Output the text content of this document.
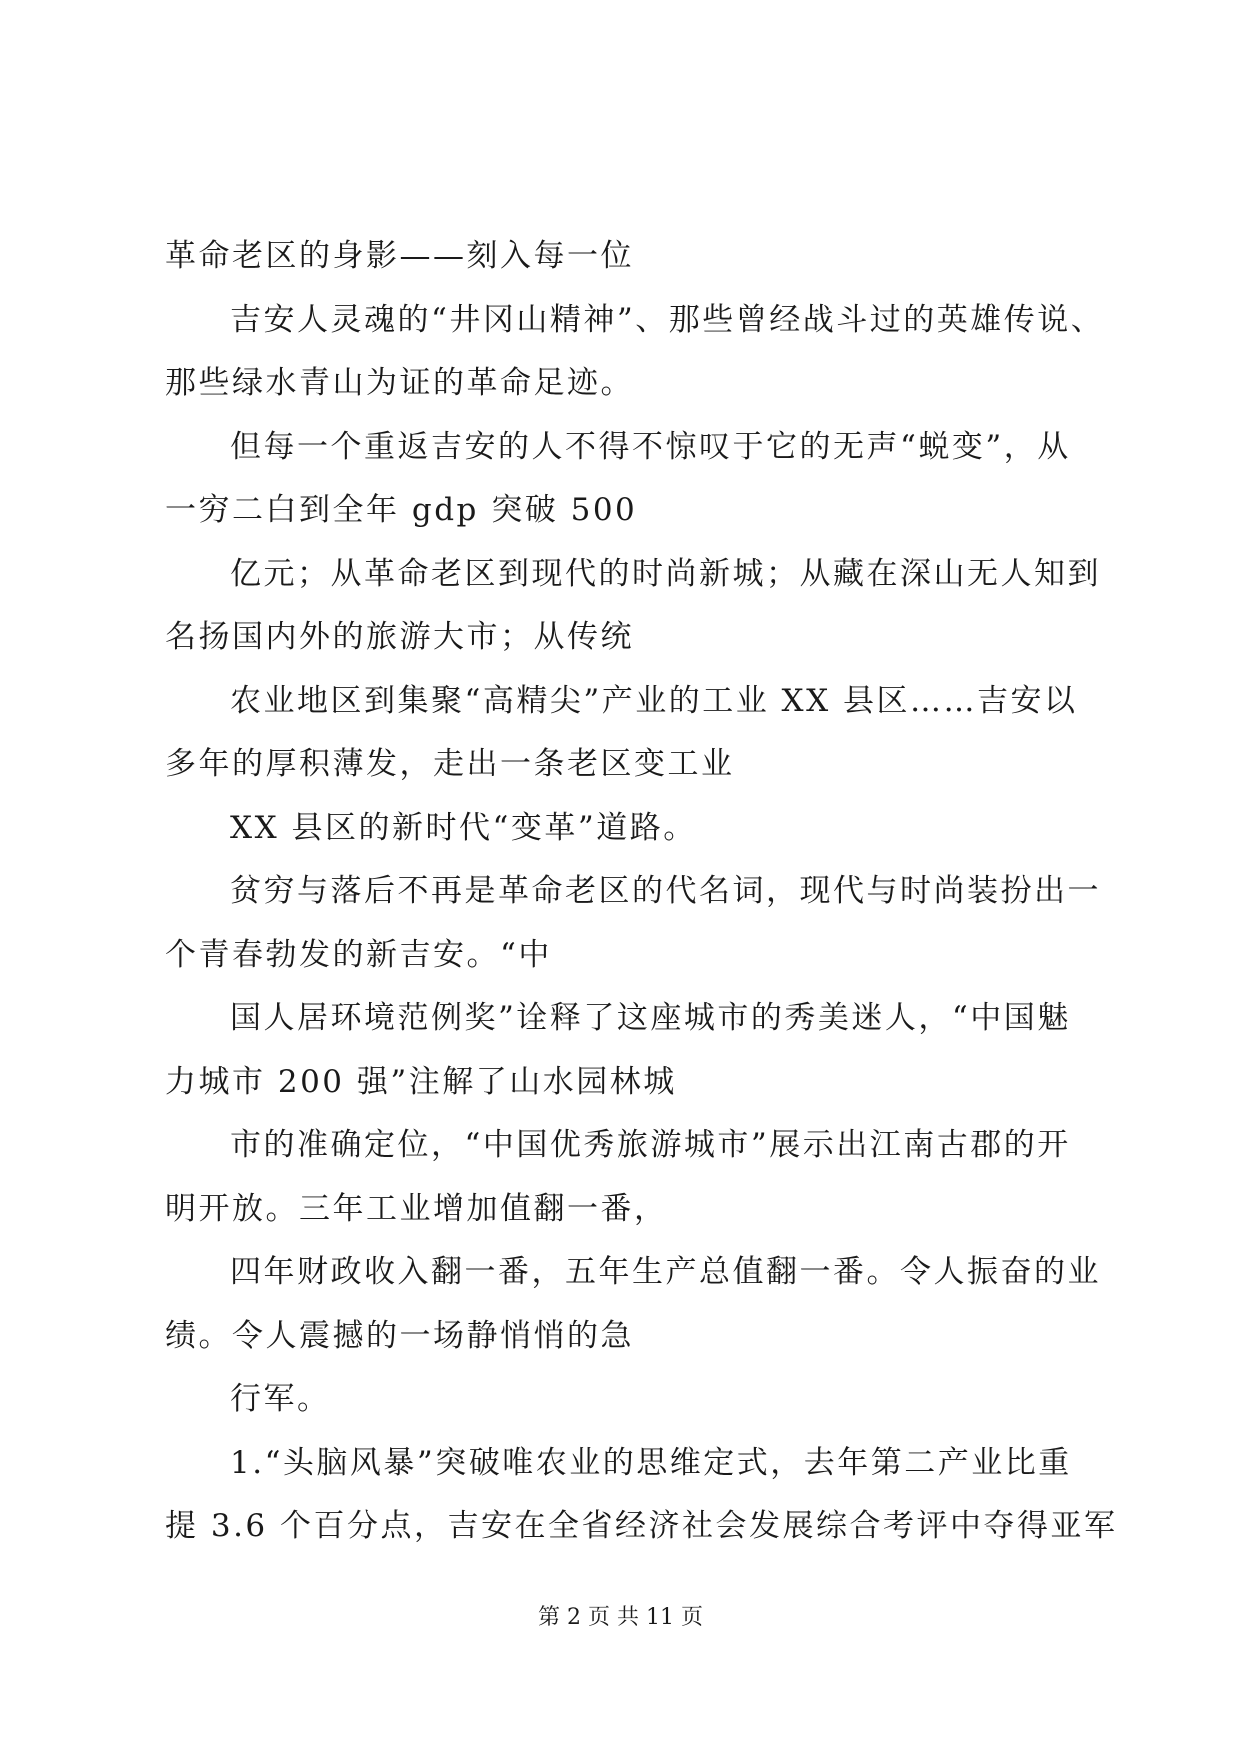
革命老区的身影——刻入每一位
吉安人灵魂的“井冈山精神”、那些曾经战斗过的英雄传说、
那些绿水青山为证的革命足迹。
但每一个重返吉安的人不得不惊叹于它的无声“蜕变”，从
一穷二白到全年 gdp 突破 500
亿元；从革命老区到现代的时尚新城；从藏在深山无人知到
名扬国内外的旅游大市；从传统
农业地区到集聚“高精尖”产业的工业 XX 县区……吉安以
多年的厚积薄发，走出一条老区变工业
XX 县区的新时代“变革”道路。
贫穷与落后不再是革命老区的代名词，现代与时尚装扮出一
个青春勃发的新吉安。“中
国人居环境范例奖”诠释了这座城市的秀美迷人，“中国魅
力城市 200 强”注解了山水园林城
市的准确定位，“中国优秀旅游城市”展示出江南古郡的开
明开放。三年工业增加值翻一番，
四年财政收入翻一番，五年生产总值翻一番。令人振奋的业
绩。令人震撼的一场静悄悄的急
行军。
1.“头脑风暴”突破唯农业的思维定式，去年第二产业比重
提 3.6 个百分点，吉安在全省经济社会发展综合考评中夺得亚军
第 2 页 共 11 页
